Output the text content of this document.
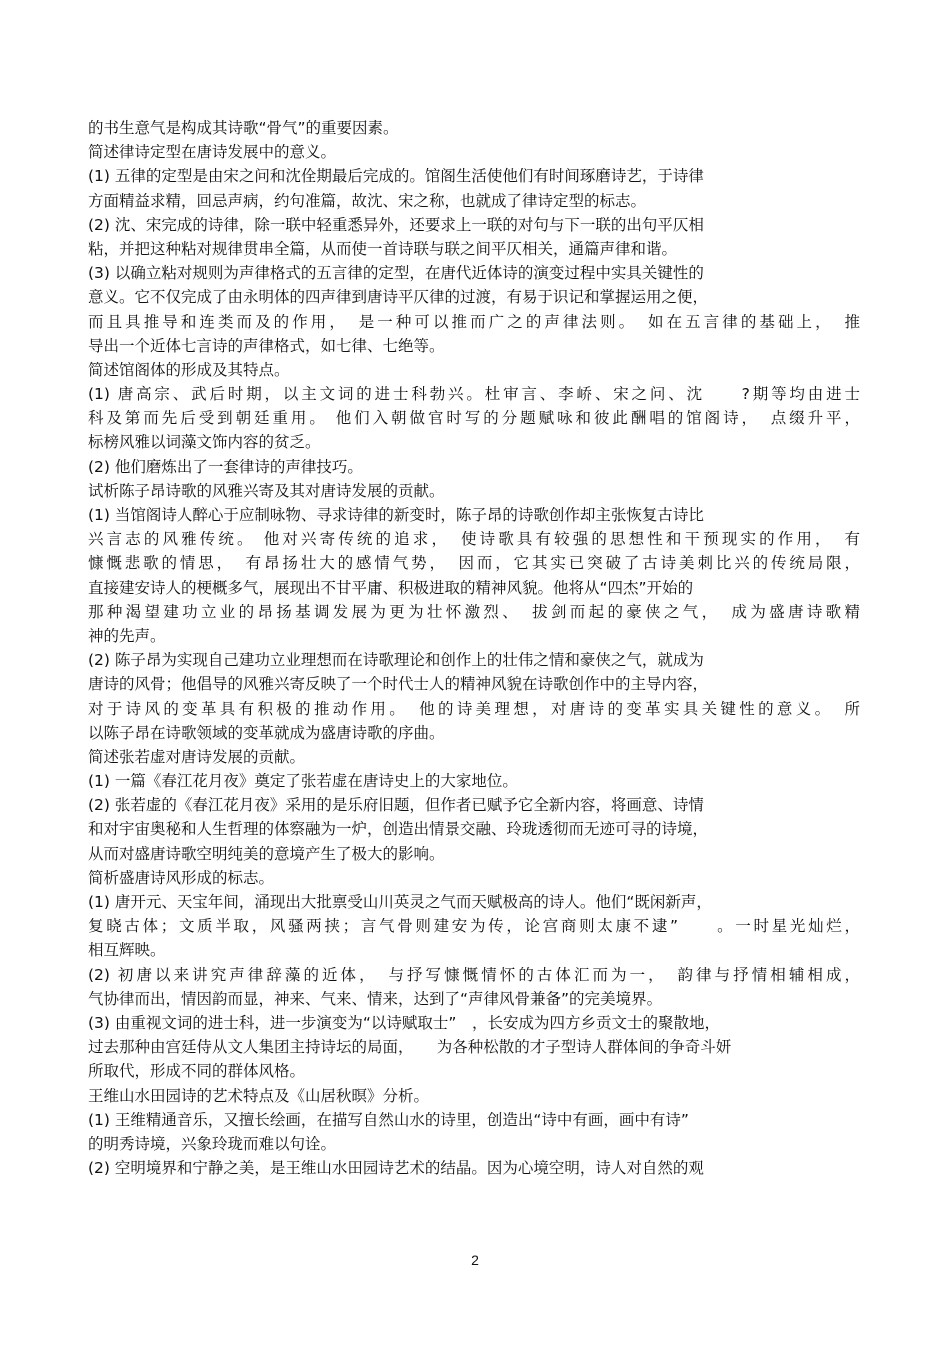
的书生意气是构成其诗歌“骨气”的重要因素。
简述律诗定型在唐诗发展中的意义。
(1) 五律的定型是由宋之问和沈佺期最后完成的。馆阁生活使他们有时间琢磨诗艺，于诗律
方面精益求精，回忌声病，约句准篇，故沈、宋之称，也就成了律诗定型的标志。
(2) 沈、宋完成的诗律，除一联中轻重悉异外，还要求上一联的对句与下一联的出句平仄相
粘，并把这种粘对规律贯串全篇，从而使一首诗联与联之间平仄相关，通篇声律和谐。
(3) 以确立粘对规则为声律格式的五言律的定型，在唐代近体诗的演变过程中实具关键性的
意义。它不仅完成了由永明体的四声律到唐诗平仄律的过渡，有易于识记和掌握运用之便，
而且具推导和连类而及的作用，　是一种可以推而广之的声律法则。　如在五言律的基础上，　推
导出一个近体七言诗的声律格式，如七律、七绝等。
简述馆阁体的形成及其特点。
(1) 唐高宗、武后时期，以主文词的进士科勃兴。杜审言、李峤、宋之问、沈　　?期等均由进士
科及第而先后受到朝廷重用。 他们入朝做官时写的分题赋咏和彼此酬唱的馆阁诗，　点缀升平，
标榜风雅以词藻文饰内容的贫乏。
(2) 他们磨炼出了一套律诗的声律技巧。
试析陈子昂诗歌的风雅兴寄及其对唐诗发展的贡献。
(1) 当馆阁诗人醉心于应制咏物、寻求诗律的新变时，陈子昂的诗歌创作却主张恢复古诗比
兴言志的风雅传统。 他对兴寄传统的追求，　使诗歌具有较强的思想性和干预现实的作用，　有
慷慨悲歌的情思，　有昂扬壮大的感情气势，　因而，它其实已突破了古诗美刺比兴的传统局限，
直接建安诗人的梗概多气，展现出不甘平庸、积极进取的精神风貌。他将从“四杰”开始的
那种渴望建功立业的昂扬基调发展为更为壮怀激烈、　拔剑而起的豪侠之气，　成为盛唐诗歌精
神的先声。
(2) 陈子昂为实现自己建功立业理想而在诗歌理论和创作上的壮伟之情和豪侠之气，就成为
唐诗的风骨；他倡导的风雅兴寄反映了一个时代士人的精神风貌在诗歌创作中的主导内容，
对于诗风的变革具有积极的推动作用。　他的诗美理想，对唐诗的变革实具关键性的意义。　所
以陈子昂在诗歌领域的变革就成为盛唐诗歌的序曲。
简述张若虚对唐诗发展的贡献。
(1) 一篇《春江花月夜》奠定了张若虚在唐诗史上的大家地位。
(2) 张若虚的《春江花月夜》采用的是乐府旧题，但作者已赋予它全新内容，将画意、诗情
和对宇宙奥秘和人生哲理的体察融为一炉，创造出情景交融、玲珑透彻而无迹可寻的诗境，
从而对盛唐诗歌空明纯美的意境产生了极大的影响。
简析盛唐诗风形成的标志。
(1) 唐开元、天宝年间，涌现出大批禀受山川英灵之气而天赋极高的诗人。他们“既闲新声，
复晓古体；文质半取，风骚两挟；言气骨则建安为传，论宫商则太康不逮”　　。一时星光灿烂，
相互辉映。
(2) 初唐以来讲究声律辞藻的近体，　与抒写慷慨情怀的古体汇而为一，　韵律与抒情相辅相成，
气协律而出，情因韵而显，神来、气来、情来，达到了“声律风骨兼备”的完美境界。
(3) 由重视文词的进士科，进一步演变为“以诗赋取士”　，长安成为四方乡贡文士的聚散地，
过去那种由宫廷侍从文人集团主持诗坛的局面，　　为各种松散的才子型诗人群体间的争奇斗妍
所取代，形成不同的群体风格。
王维山水田园诗的艺术特点及《山居秋暝》分析。
(1) 王维精通音乐，又擅长绘画，在描写自然山水的诗里，创造出“诗中有画，画中有诗”
的明秀诗境，兴象玲珑而难以句诠。
(2) 空明境界和宁静之美，是王维山水田园诗艺术的结晶。因为心境空明，诗人对自然的观
2
